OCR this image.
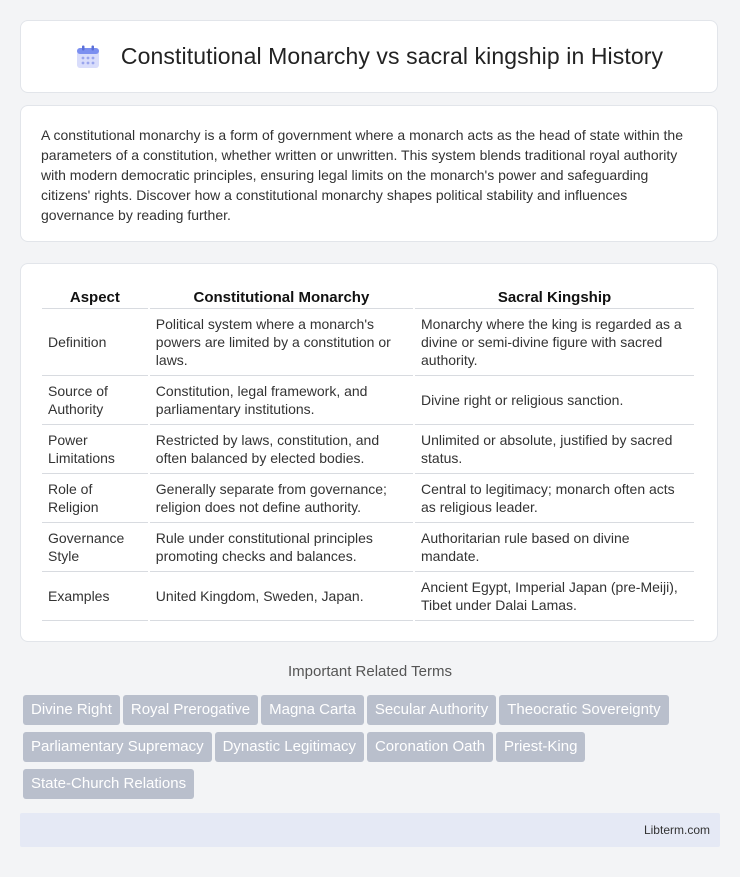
Constitutional Monarchy vs sacral kingship in History

A constitutional monarchy is a form of government where a monarch acts as the head of state within the parameters of a constitution, whether written or unwritten. This system blends traditional royal authority with modern democratic principles, ensuring legal limits on the monarch's power and safeguarding citizens' rights. Discover how a constitutional monarchy shapes political stability and influences governance by reading further.

Aspect	Constitutional Monarchy	Sacral Kingship
Definition	Political system where a monarch's powers are limited by a constitution or laws.	Monarchy where the king is regarded as a divine or semi-divine figure with sacred authority.
Source of Authority	Constitution, legal framework, and parliamentary institutions.	Divine right or religious sanction.
Power Limitations	Restricted by laws, constitution, and often balanced by elected bodies.	Unlimited or absolute, justified by sacred status.
Role of Religion	Generally separate from governance; religion does not define authority.	Central to legitimacy; monarch often acts as religious leader.
Governance Style	Rule under constitutional principles promoting checks and balances.	Authoritarian rule based on divine mandate.
Examples	United Kingdom, Sweden, Japan.	Ancient Egypt, Imperial Japan (pre-Meiji), Tibet under Dalai Lamas.
Important Related Terms
Divine Right Royal Prerogative Magna Carta Secular Authority Theocratic Sovereignty
Parliamentary Supremacy Dynastic Legitimacy Coronation Oath Priest-King
State-Church Relations
Libterm.com
